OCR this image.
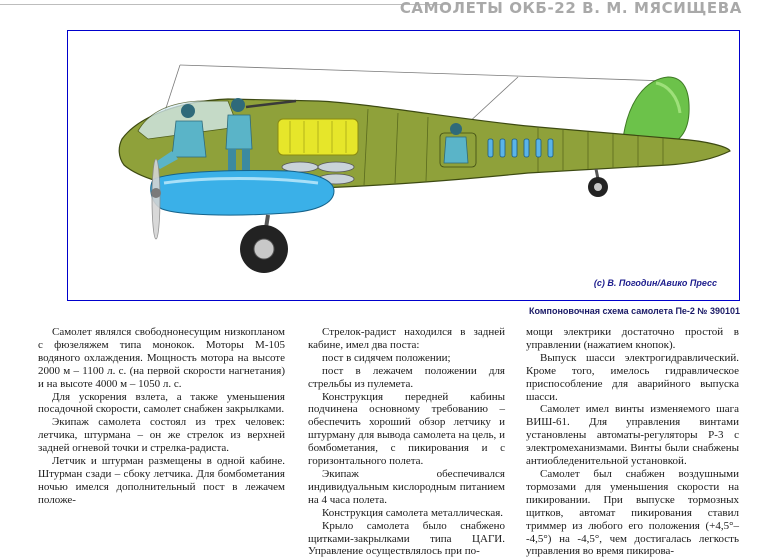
САМОЛЕТЫ ОКБ-22 В. М. МЯСИЩЕВА
(с) В. Погодин/Авико Пресс
Компоновочная схема самолета Пе-2 № 390101

Самолет являлся свободнонесущим низкопланом с фюзеляжем типа монокок. Моторы М-105 водяного охлаждения. Мощность мотора на высоте 2000 м – 1100 л. с. (на первой скорости нагнетания) и на высоте 4000 м – 1050 л. с.

Для ускорения взлета, а также уменьшения посадочной скорости, самолет снабжен закрылками.

Экипаж самолета состоял из трех человек: летчика, штурмана – он же стрелок из верхней задней огневой точки и стрелка-радиста.

Летчик и штурман размещены в одной кабине. Штурман сзади – сбоку летчика. Для бомбометания ночью имелся дополнительный пост в лежачем положе-

Стрелок-радист находился в задней кабине, имел два поста:

пост в сидячем положении;

пост в лежачем положении для стрельбы из пулемета.

Конструкция передней кабины подчинена основному требованию – обеспечить хороший обзор летчику и штурману для вывода самолета на цель, и бомбометания, с пикирования и с горизонтального полета.

Экипаж обеспечивался индивидуальным кислородным питанием на 4 часа полета.

Конструкция самолета металлическая.

Крыло самолета было снабжено щитками-закрылками типа ЦАГИ. Управление осуществлялось при по-

мощи электрики достаточно простой в управлении (нажатием кнопок).

Выпуск шасси электрогидравлический. Кроме того, имелось гидравлическое приспособление для аварийного выпуска шасси.

Самолет имел винты изменяемого шага ВИШ-61. Для управления винтами установлены автоматы-регуляторы Р-3 с электромеханизмами. Винты были снабжены антиобледенительной установкой.

Самолет был снабжен воздушными тормозами для уменьшения скорости на пикировании. При выпуске тормозных щитков, автомат пикирования ставил триммер из любого его положения (+4,5°– -4,5°) на -4,5°, чем достигалась легкость управления во время пикирова-
